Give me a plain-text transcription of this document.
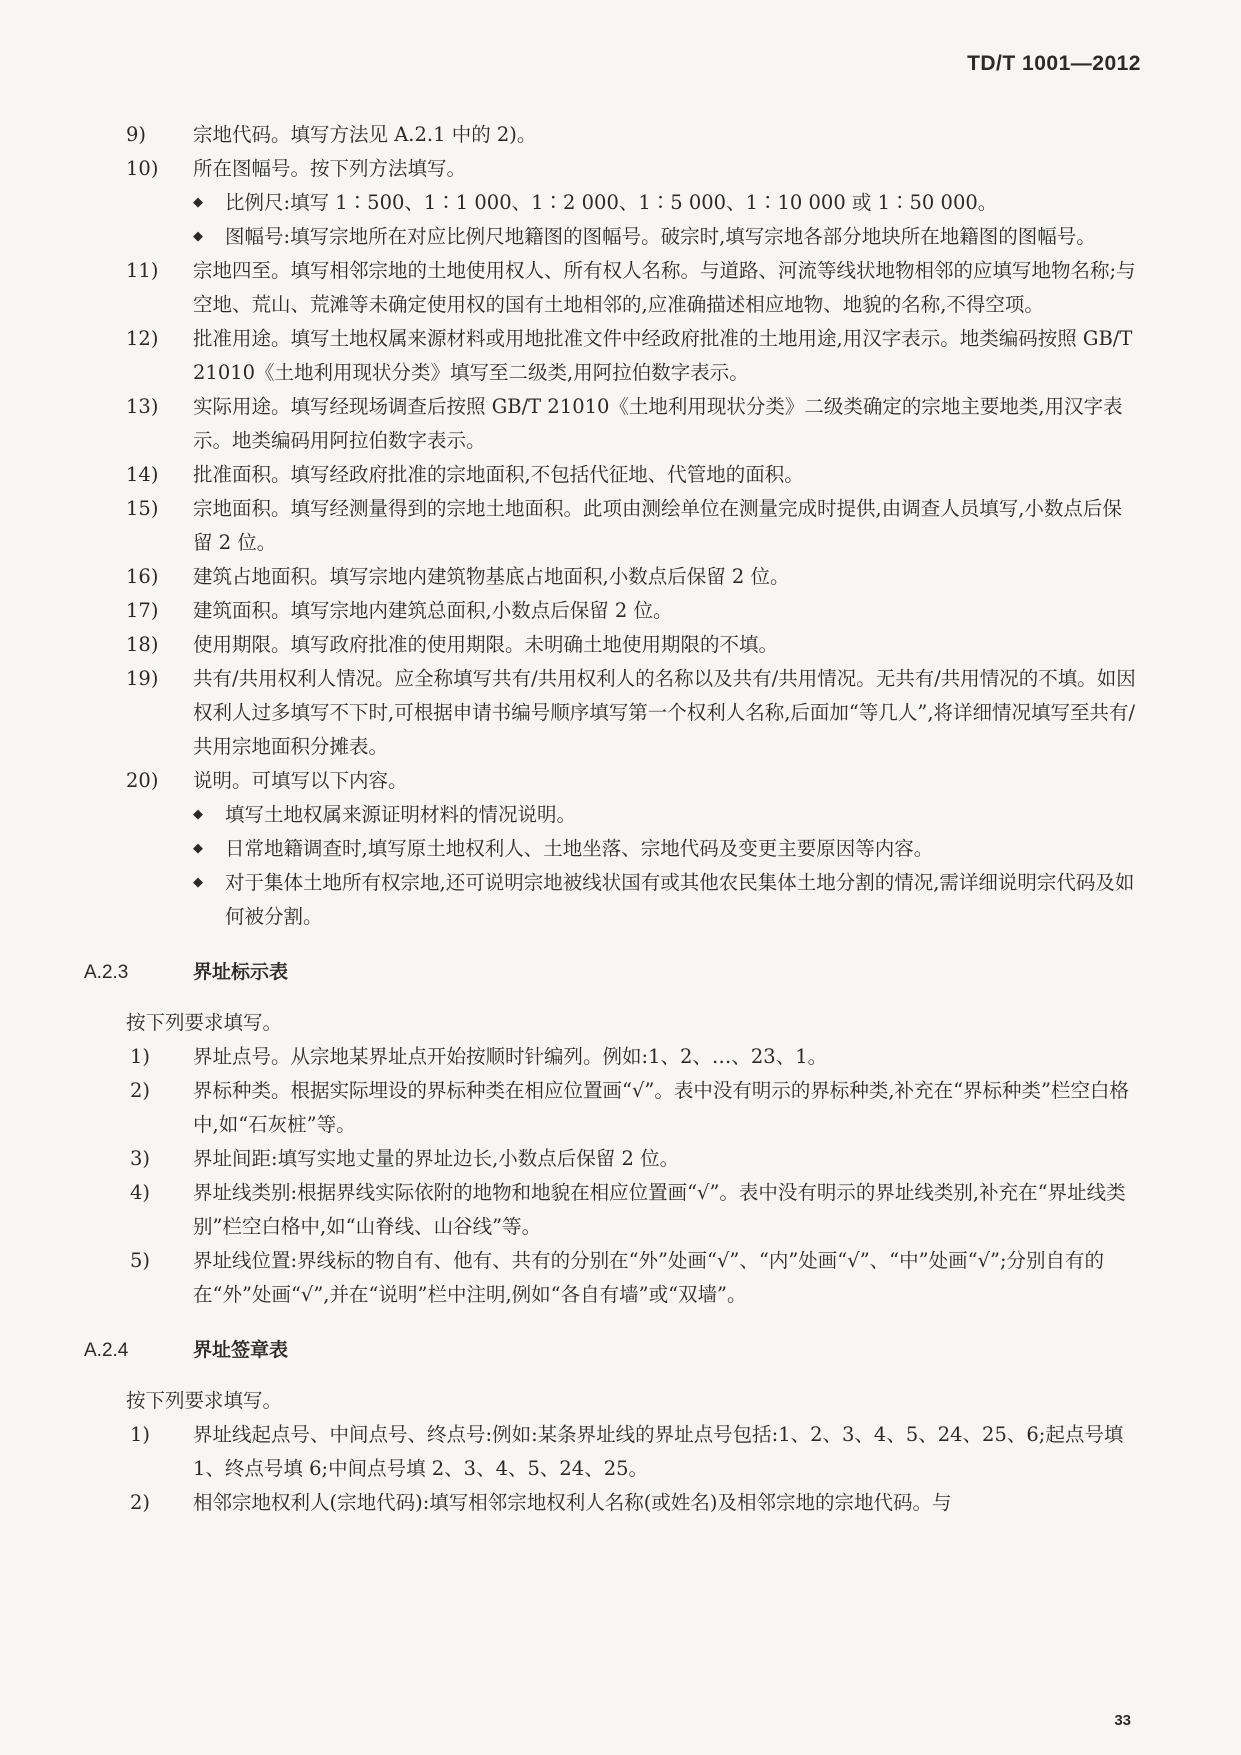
TD/T 1001—2012
9) 宗地代码。填写方法见 A.2.1 中的 2)。
10) 所在图幅号。按下列方法填写。
◆ 比例尺:填写 1∶500、1∶1 000、1∶2 000、1∶5 000、1∶10 000 或 1∶50 000。
◆ 图幅号:填写宗地所在对应比例尺地籍图的图幅号。破宗时,填写宗地各部分地块所在地籍图的图幅号。
11) 宗地四至。填写相邻宗地的土地使用权人、所有权人名称。与道路、河流等线状地物相邻的应填写地物名称;与空地、荒山、荒滩等未确定使用权的国有土地相邻的,应准确描述相应地物、地貌的名称,不得空项。
12) 批准用途。填写土地权属来源材料或用地批准文件中经政府批准的土地用途,用汉字表示。地类编码按照 GB/T 21010《土地利用现状分类》填写至二级类,用阿拉伯数字表示。
13) 实际用途。填写经现场调查后按照 GB/T 21010《土地利用现状分类》二级类确定的宗地主要地类,用汉字表示。地类编码用阿拉伯数字表示。
14) 批准面积。填写经政府批准的宗地面积,不包括代征地、代管地的面积。
15) 宗地面积。填写经测量得到的宗地土地面积。此项由测绘单位在测量完成时提供,由调查人员填写,小数点后保留 2 位。
16) 建筑占地面积。填写宗地内建筑物基底占地面积,小数点后保留 2 位。
17) 建筑面积。填写宗地内建筑总面积,小数点后保留 2 位。
18) 使用期限。填写政府批准的使用期限。未明确土地使用期限的不填。
19) 共有/共用权利人情况。应全称填写共有/共用权利人的名称以及共有/共用情况。无共有/共用情况的不填。如因权利人过多填写不下时,可根据申请书编号顺序填写第一个权利人名称,后面加“等几人”,将详细情况填写至共有/共用宗地面积分摊表。
20) 说明。可填写以下内容。
◆ 填写土地权属来源证明材料的情况说明。
◆ 日常地籍调查时,填写原土地权利人、土地坐落、宗地代码及变更主要原因等内容。
◆ 对于集体土地所有权宗地,还可说明宗地被线状国有或其他农民集体土地分割的情况,需详细说明宗代码及如何被分割。
A.2.3	界址标示表
按下列要求填写。
1) 界址点号。从宗地某界址点开始按顺时针编列。例如:1、2、…、23、1。
2) 界标种类。根据实际埋设的界标种类在相应位置画“√”。表中没有明示的界标种类,补充在“界标种类”栏空白格中,如“石灰桩”等。
3) 界址间距:填写实地丈量的界址边长,小数点后保留 2 位。
4) 界址线类别:根据界线实际依附的地物和地貌在相应位置画“√”。表中没有明示的界址线类别,补充在“界址线类别”栏空白格中,如“山脊线、山谷线”等。
5) 界址线位置:界线标的物自有、他有、共有的分别在“外”处画“√”、“内”处画“√”、“中”处画“√”;分别自有的在“外”处画“√”,并在“说明”栏中注明,例如“各自有墙”或“双墙”。
A.2.4	界址签章表
按下列要求填写。
1) 界址线起点号、中间点号、终点号:例如:某条界址线的界址点号包括:1、2、3、4、5、24、25、6;起点号填 1、终点号填 6;中间点号填 2、3、4、5、24、25。
2) 相邻宗地权利人(宗地代码):填写相邻宗地权利人名称(或姓名)及相邻宗地的宗地代码。与
33
